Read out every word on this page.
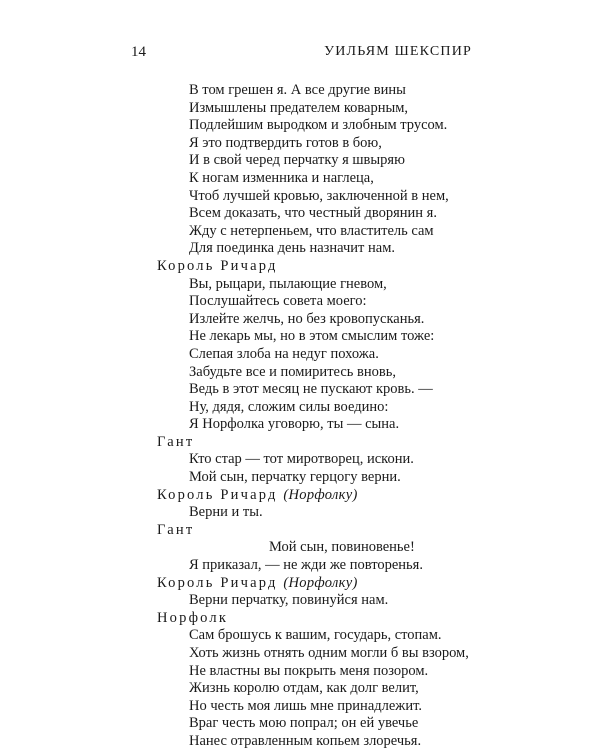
14	УИЛЬЯМ ШЕКСПИР
В том грешен я. А все другие вины
Измышлены предателем коварным,
Подлейшим выродком и злобным трусом.
Я это подтвердить готов в бою,
И в свой черед перчатку я швыряю
К ногам изменника и наглеца,
Чтоб лучшей кровью, заключенной в нем,
Всем доказать, что честный дворянин я.
Жду с нетерпеньем, что властитель сам
Для поединка день назначит нам.
Король Ричард
Вы, рыцари, пылающие гневом,
Послушайтесь совета моего:
Излейте желчь, но без кровопусканья.
Не лекарь мы, но в этом смыслим тоже:
Слепая злоба на недуг похожа.
Забудьте все и помиритесь вновь,
Ведь в этот месяц не пускают кровь. —
Ну, дядя, сложим силы воедино:
Я Норфолка уговорю, ты — сына.
Гант
Кто стар — тот миротворец, искони.
Мой сын, перчатку герцогу верни.
Король Ричард (Норфолку)
Верни и ты.
Гант
Мой сын, повиновенье!
Я приказал, — не жди же повторенья.
Король Ричард (Норфолку)
Верни перчатку, повинуйся нам.
Норфолк
Сам брошусь к вашим, государь, стопам.
Хоть жизнь отнять одним могли б вы взором,
Не властны вы покрыть меня позором.
Жизнь королю отдам, как долг велит,
Но честь моя лишь мне принадлежит.
Враг честь мою попрал; он ей увечье
Нанес отравленным копьем злоречья.
